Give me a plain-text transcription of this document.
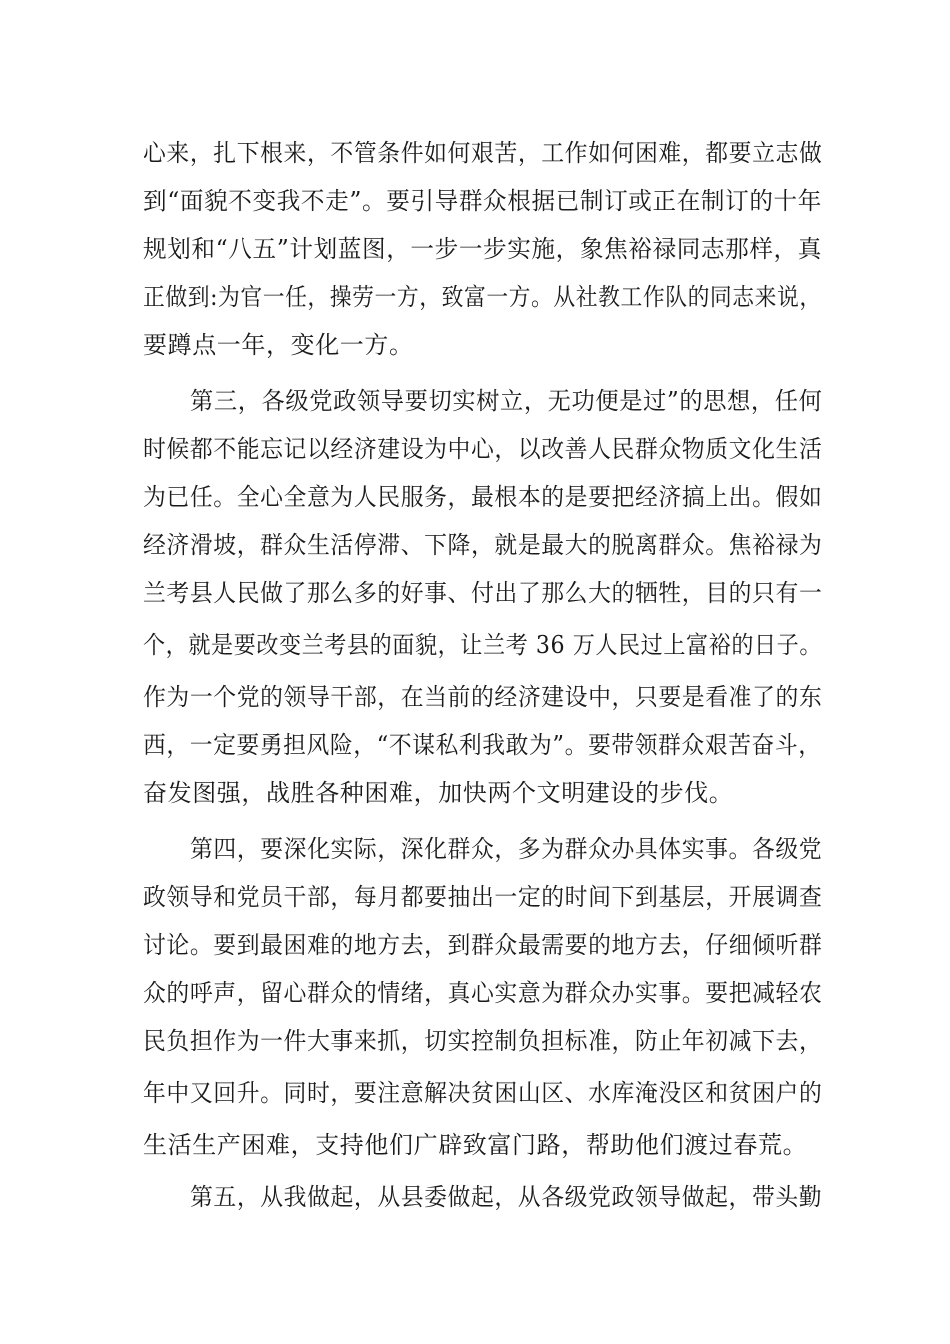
心来，扎下根来，不管条件如何艰苦，工作如何困难，都要立志做
到“面貌不变我不走”。要引导群众根据已制订或正在制订的十年
规划和“八五”计划蓝图，一步一步实施，象焦裕禄同志那样，真
正做到:为官一任，操劳一方，致富一方。从社教工作队的同志来说，
要蹲点一年，变化一方。
第三，各级党政领导要切实树立，无功便是过”的思想，任何
时候都不能忘记以经济建设为中心，以改善人民群众物质文化生活
为已任。全心全意为人民服务，最根本的是要把经济搞上出。假如
经济滑坡，群众生活停滞、下降，就是最大的脱离群众。焦裕禄为
兰考县人民做了那么多的好事、付出了那么大的牺牲，目的只有一
个，就是要改变兰考县的面貌，让兰考 36 万人民过上富裕的日子。
作为一个党的领导干部，在当前的经济建设中，只要是看准了的东
西，一定要勇担风险，“不谋私利我敢为”。要带领群众艰苦奋斗，
奋发图强，战胜各种困难，加快两个文明建设的步伐。
第四，要深化实际，深化群众，多为群众办具体实事。各级党
政领导和党员干部，每月都要抽出一定的时间下到基层，开展调查
讨论。要到最困难的地方去，到群众最需要的地方去，仔细倾听群
众的呼声，留心群众的情绪，真心实意为群众办实事。要把减轻农
民负担作为一件大事来抓，切实控制负担标准，防止年初减下去，
年中又回升。同时，要注意解决贫困山区、水库淹没区和贫困户的
生活生产困难，支持他们广辟致富门路，帮助他们渡过春荒。
第五，从我做起，从县委做起，从各级党政领导做起，带头勤
